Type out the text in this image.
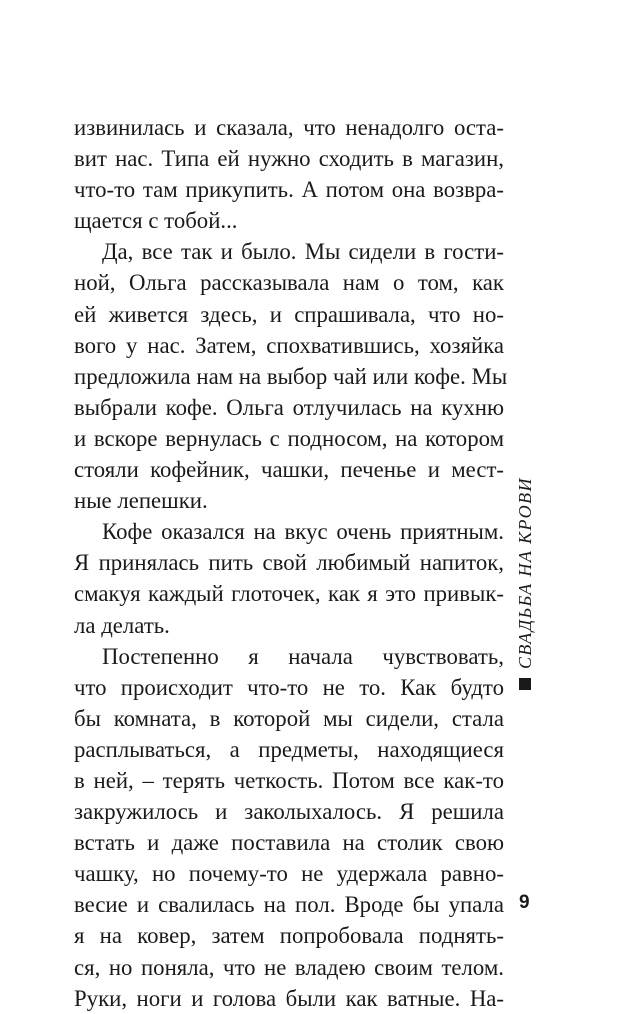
извинилась и сказала, что ненадолго оста-
вит нас. Типа ей нужно сходить в магазин,
что-то там прикупить. А потом она возвра-
щается с тобой...
Да, все так и было. Мы сидели в гости-
ной, Ольга рассказывала нам о том, как
ей живется здесь, и спрашивала, что но-
вого у нас. Затем, спохватившись, хозяйка
предложила нам на выбор чай или кофе. Мы
выбрали кофе. Ольга отлучилась на кухню
и вскоре вернулась с подносом, на котором
стояли кофейник, чашки, печенье и мест-
ные лепешки.
Кофе оказался на вкус очень приятным.
Я принялась пить свой любимый напиток,
смакуя каждый глоточек, как я это привык-
ла делать.
Постепенно я начала чувствовать,
что происходит что-то не то. Как будто
бы комната, в которой мы сидели, стала
расплываться, а предметы, находящиеся
в ней, – терять четкость. Потом все как-то
закружилось и заколыхалось. Я решила
встать и даже поставила на столик свою
чашку, но почему-то не удержала равно-
весие и свалилась на пол. Вроде бы упала
я на ковер, затем попробовала поднять-
ся, но поняла, что не владею своим телом.
Руки, ноги и голова были как ватные. На-
СВАДЬБА НА КРОВИ
9
